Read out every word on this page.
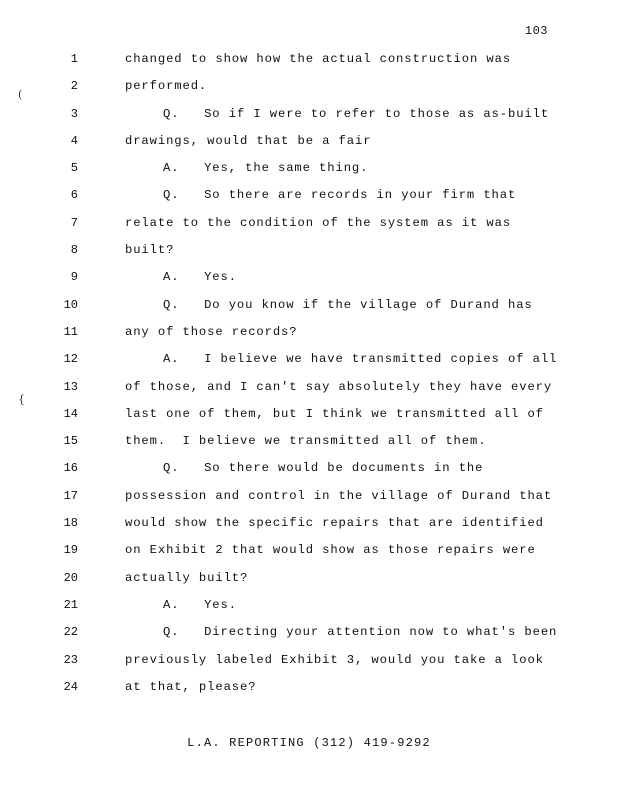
103
(
{
1	changed to show how the actual construction was
2	performed.
3	Q.   So if I were to refer to those as as-built
4	drawings, would that be a fair
5	A.   Yes, the same thing.
6	Q.   So there are records in your firm that
7	relate to the condition of the system as it was
8	built?
9	A.   Yes.
10	Q.   Do you know if the village of Durand has
11	any of those records?
12	A.   I believe we have transmitted copies of all
13	of those, and I can't say absolutely they have every
14	last one of them, but I think we transmitted all of
15	them.  I believe we transmitted all of them.
16	Q.   So there would be documents in the
17	possession and control in the village of Durand that
18	would show the specific repairs that are identified
19	on Exhibit 2 that would show as those repairs were
20	actually built?
21	A.   Yes.
22	Q.   Directing your attention now to what's been
23	previously labeled Exhibit 3, would you take a look
24	at that, please?
L.A. REPORTING (312) 419-9292
